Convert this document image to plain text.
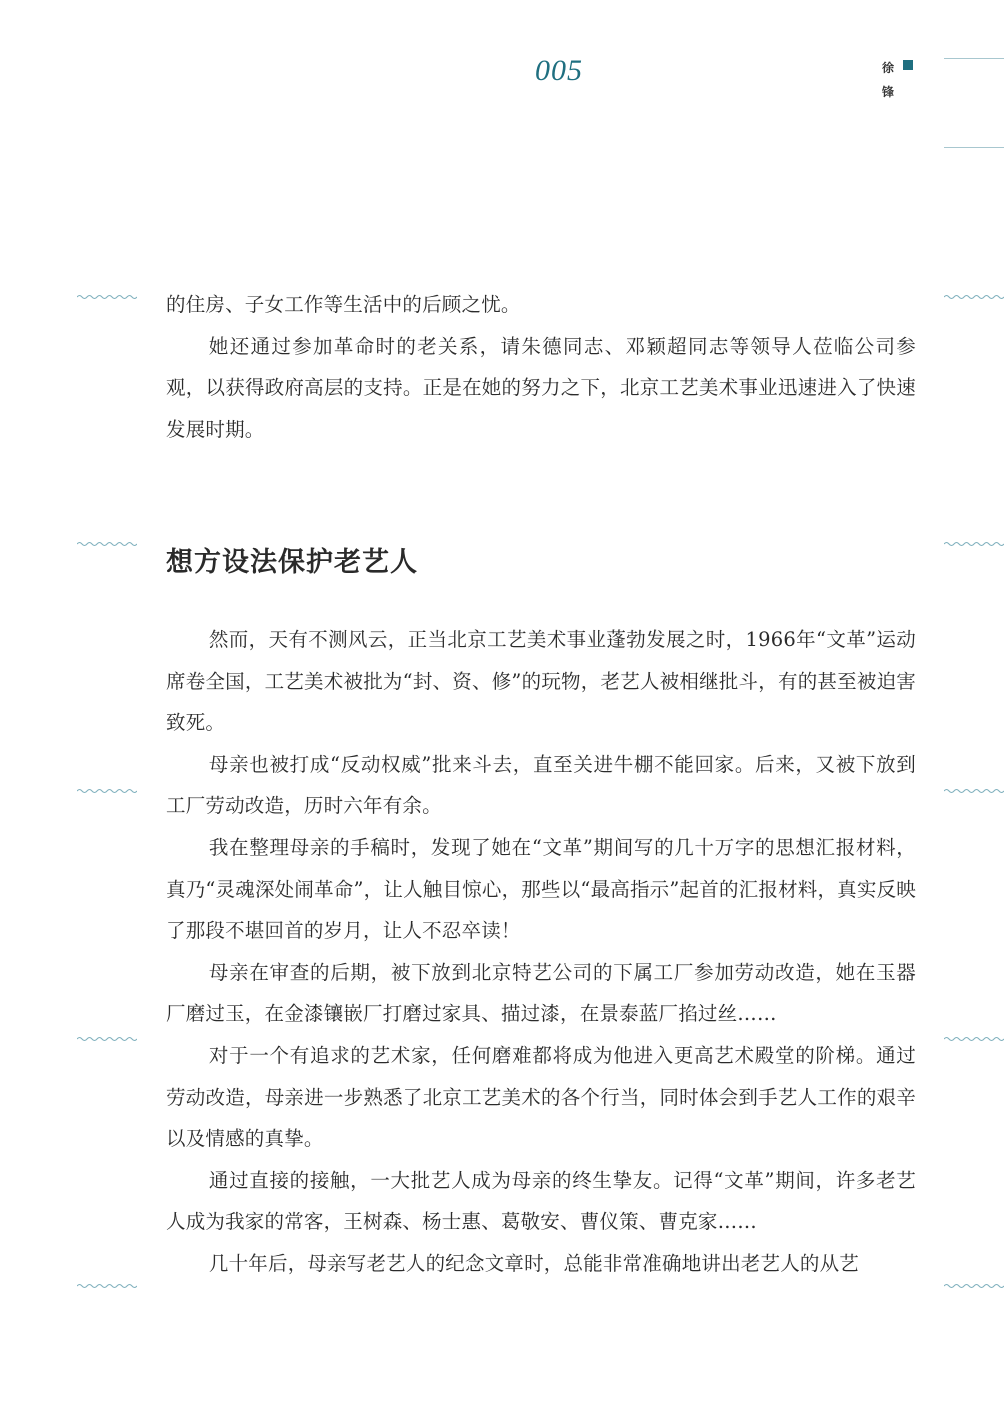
005	徐
锋

的住房、子女工作等生活中的后顾之忧。

她还通过参加革命时的老关系，请朱德同志、邓颖超同志等领导人莅临公司参观，以获得政府高层的支持。正是在她的努力之下，北京工艺美术事业迅速进入了快速发展时期。

想方设法保护老艺人

然而，天有不测风云，正当北京工艺美术事业蓬勃发展之时，1966年“文革”运动席卷全国，工艺美术被批为“封、资、修”的玩物，老艺人被相继批斗，有的甚至被迫害致死。

母亲也被打成“反动权威”批来斗去，直至关进牛棚不能回家。后来，又被下放到工厂劳动改造，历时六年有余。

我在整理母亲的手稿时，发现了她在“文革”期间写的几十万字的思想汇报材料，真乃“灵魂深处闹革命”，让人触目惊心，那些以“最高指示”起首的汇报材料，真实反映了那段不堪回首的岁月，让人不忍卒读！

母亲在审查的后期，被下放到北京特艺公司的下属工厂参加劳动改造，她在玉器厂磨过玉，在金漆镶嵌厂打磨过家具、描过漆，在景泰蓝厂掐过丝……

对于一个有追求的艺术家，任何磨难都将成为他进入更高艺术殿堂的阶梯。通过劳动改造，母亲进一步熟悉了北京工艺美术的各个行当，同时体会到手艺人工作的艰辛以及情感的真挚。

通过直接的接触，一大批艺人成为母亲的终生挚友。记得“文革”期间，许多老艺人成为我家的常客，王树森、杨士惠、葛敬安、曹仪策、曹克家……

几十年后，母亲写老艺人的纪念文章时，总能非常准确地讲出老艺人的从艺
